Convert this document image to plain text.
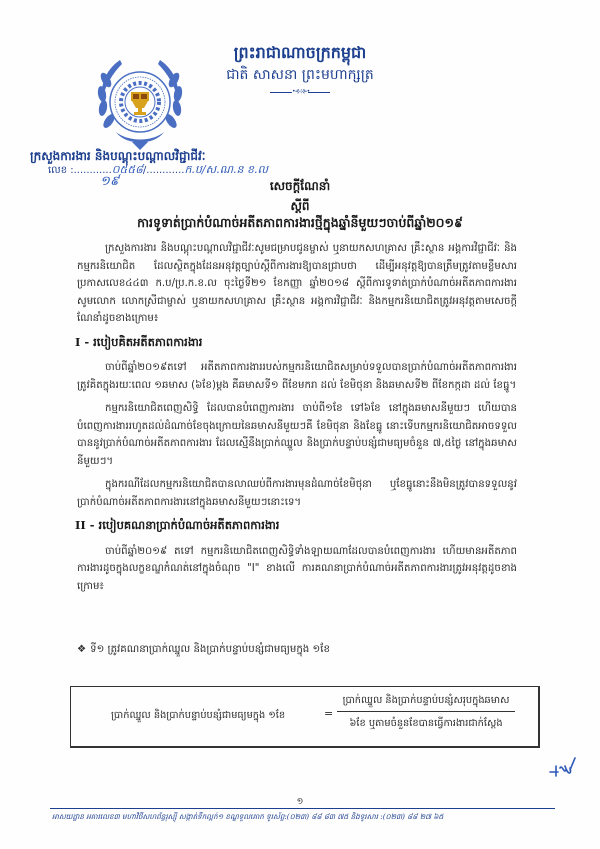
ព្រះរាជាណាចក្រកម្ពុជា
ជាតិ សាសនា ព្រះមហាក្សត្រ
•⊰⊹⊱•
ក្រសួងការងារ និងបណ្ដុះបណ្ដាលវិជ្ជាជីវៈ
លេខ :............០៥៥៨/............ក.ប/ស.ណ.ន ខ.ល
១៩	សេចក្ដីណែនាំ
ស្ដីពី
ការទូទាត់ប្រាក់បំណាច់អតីតភាពការងារថ្មីក្នុងឆ្នាំនីមួយៗចាប់ពីឆ្នាំ២០១៩

ក្រសួងការងារ និងបណ្ដុះបណ្ដាលវិជ្ជាជីវៈសូមជម្រាបជូនម្ចាស់ ឬនាយកសហគ្រាស គ្រឹះស្ថាន អង្គការវិជ្ជាជីវៈ និងកម្មករនិយោជិត ដែលស្ថិតក្នុងដែនអនុវត្តច្បាប់ស្ដីពីការងារឱ្យបានជ្រាបថា ដើម្បីអនុវត្តឱ្យបានត្រឹមត្រូវតាមខ្លឹមសារប្រកាសលេខ៤៤៣ ក.ប/ប្រ.ក.ខ.ល ចុះថ្ងៃទី២១ ខែកញ្ញា ឆ្នាំ២០១៨ ស្ដីពីការទូទាត់ប្រាក់បំណាច់អតីតភាពការងារ សូមលោក លោកស្រីជាម្ចាស់ ឬនាយកសហគ្រាស គ្រឹះស្ថាន អង្គការវិជ្ជាជីវៈ និងកម្មករនិយោជិតត្រូវអនុវត្តតាមសេចក្ដីណែនាំដូចខាងក្រោម៖

I - របៀបគិតអតីតភាពការងារ

ចាប់ពីឆ្នាំ២០១៩តទៅ អតីតភាពការងាររបស់កម្មករនិយោជិតសម្រាប់ទទួលបានប្រាក់បំណាច់អតីតភាពការងារត្រូវគិតក្នុងរយៈពេល ១ឆមាស (៦ខែ)ម្ដង គឺឆមាសទី១ ពីខែមករា ដល់ ខែមិថុនា និងឆមាសទី២ ពីខែកក្កដា ដល់ ខែធ្នូ។

កម្មករនិយោជិតពេញសិទ្ធិ ដែលបានបំពេញការងារ ចាប់ពី១ខែ ទៅ៦ខែ នៅក្នុងឆមាសនីមួយៗ ហើយបានបំពេញការងាររហូតដល់ដំណាច់ខែចុងក្រោយនៃឆមាសនីមួយៗគឺ ខែមិថុនា និងខែធ្នូ នោះទើបកម្មករនិយោជិតអាចទទួលបាននូវប្រាក់បំណាច់អតីតភាពការងារ ដែលស្មើនឹងប្រាក់ឈ្នួល និងប្រាក់បន្ទាប់បន្សំជាមធ្យមចំនួន ៧,៥ថ្ងៃ នៅក្នុងឆមាសនីមួយៗ។

ក្នុងករណីដែលកម្មករនិយោជិតបានលាឈប់ពីការងារមុនដំណាច់ខែមិថុនា ឬខែធ្នូនោះនឹងមិនត្រូវបានទទួលនូវប្រាក់បំណាច់អតីតភាពការងារនៅក្នុងឆមាសនីមួយៗនោះទេ។

II - របៀបគណនាប្រាក់បំណាច់អតីតភាពការងារ

ចាប់ពីឆ្នាំ២០១៩ តទៅ កម្មករនិយោជិតពេញសិទ្ធិទាំងឡាយណាដែលបានបំពេញការងារ ហើយមានអតីតភាពការងារដូចក្នុងលក្ខខណ្ឌកំណត់នៅក្នុងចំណុច "I" ខាងលើ ការគណនាប្រាក់បំណាច់អតីតភាពការងារត្រូវអនុវត្តដូចខាងក្រោម៖

❖ ទី១ ត្រូវគណនាប្រាក់ឈ្នួល និងប្រាក់បន្ទាប់បន្សំជាមធ្យមក្នុង ១ខែ
ប្រាក់ឈ្នួល និងប្រាក់បន្ទាប់បន្សំជាមធ្យមក្នុង ១ខែ	=
ប្រាក់ឈ្នួល និងប្រាក់បន្ទាប់បន្សំសរុបក្នុងឆមាស
៦ខែ ឬតាមចំនួនខែបានធ្វើការងារជាក់ស្ដែង
១
អាសយដ្ឋាន អគារលេខ៣ មហាវិថីសហព័ន្ធរុស្ស៊ី សង្កាត់ទឹកល្អក់១ ខណ្ឌទួលគោក ទូរស័ព្ទ:(០២៣) ៨៨ ៨៣ ៧៥ និងទូរសារ :(០២៣) ៨៨ ២៧ ៦៥
